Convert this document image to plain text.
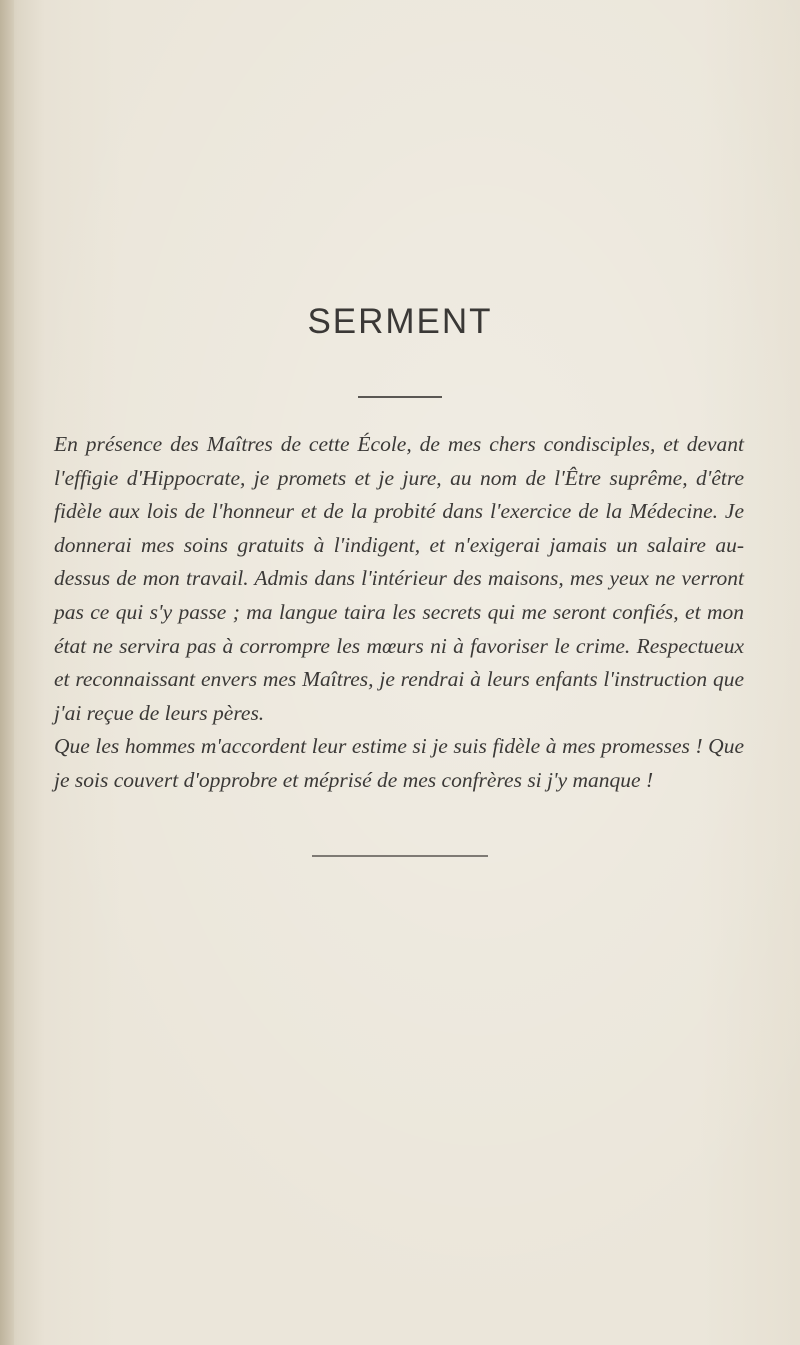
SERMENT

En présence des Maîtres de cette École, de mes chers condisciples, et devant l'effigie d'Hippocrate, je promets et je jure, au nom de l'Être suprême, d'être fidèle aux lois de l'honneur et de la probité dans l'exercice de la Médecine. Je donnerai mes soins gratuits à l'indigent, et n'exigerai jamais un salaire au-dessus de mon travail. Admis dans l'intérieur des maisons, mes yeux ne verront pas ce qui s'y passe ; ma langue taira les secrets qui me seront confiés, et mon état ne servira pas à corrompre les mœurs ni à favoriser le crime. Respectueux et reconnaissant envers mes Maîtres, je rendrai à leurs enfants l'instruction que j'ai reçue de leurs pères.

Que les hommes m'accordent leur estime si je suis fidèle à mes promesses ! Que je sois couvert d'opprobre et méprisé de mes confrères si j'y manque !
